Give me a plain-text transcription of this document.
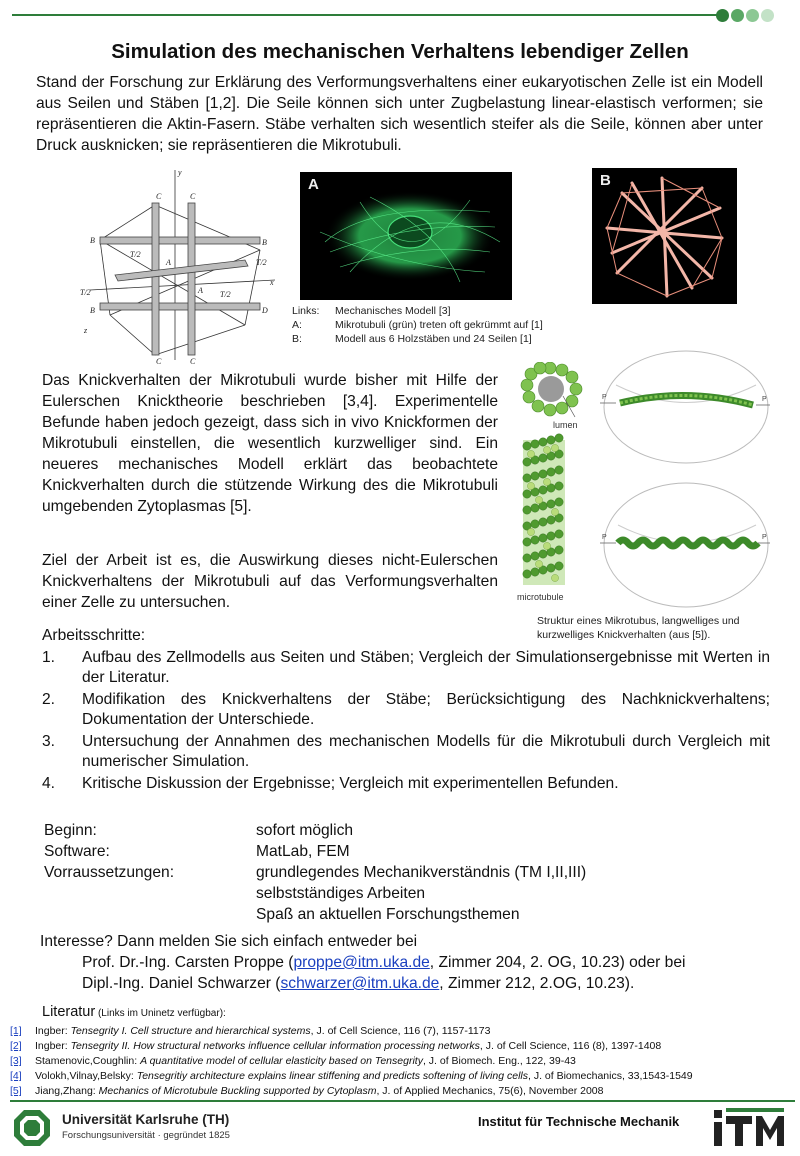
Simulation des mechanischen Verhaltens lebendiger Zellen

Stand der Forschung zur Erklärung des Verformungsverhaltens einer eukaryotischen Zelle ist ein Modell aus Seilen und Stäben [1,2]. Die Seile können sich unter Zugbelastung linear-elastisch verformen; sie repräsentieren die Aktin-Fasern. Stäbe verhalten sich wesentlich steifer als die Seile, können aber unter Druck ausknicken; sie repräsentieren die Mikrotubuli.

B	B
B	D
C	C
C	C
A
A
T/2
T/2
T/2	T/2
y
x
z
A	B
Links:	Mechanisches Modell [3]
A:	Mikrotubuli (grün) treten oft gekrümmt auf [1]
B:	Modell aus 6 Holzstäben und 24 Seilen [1]

Das Knickverhalten der Mikrotubuli wurde bisher mit Hilfe der Eulerschen Knicktheorie beschrieben [3,4]. Experimentelle Befunde haben jedoch gezeigt, dass sich in vivo Knickformen der Mikrotubuli einstellen, die wesentlich kurzwelliger sind. Ein neueres mechanisches Modell erklärt das beobachtete Knickverhalten durch die stützende Wirkung des die Mikrotubuli umgebenden Zytoplasmas [5].

Ziel der Arbeit ist es, die Auswirkung dieses nicht-Eulerschen Knickverhaltens der Mikrotubuli auf das Verformungsverhalten einer Zelle zu untersuchen.

lumen
microtubule
P	P
P	P

Struktur eines Mikrotubus, langwelliges und kurzwelliges Knickverhalten (aus [5]).

Arbeitsschritte:
1.	Aufbau des Zellmodells aus Seiten und Stäben; Vergleich der Simulationsergebnisse mit Werten in der Literatur.
2.	Modifikation des Knickverhaltens der Stäbe; Berücksichtigung des Nachknickverhaltens; Dokumentation der Unterschiede.
3.	Untersuchung der Annahmen des mechanischen Modells für die Mikrotubuli durch Vergleich mit numerischer Simulation.
4.	Kritische Diskussion der Ergebnisse; Vergleich mit experimentellen Befunden.
Beginn:	sofort möglich
Software:	MatLab, FEM
Vorraussetzungen:	grundlegendes Mechanikverständnis (TM I,II,III)
selbstständiges Arbeiten
Spaß an aktuellen Forschungsthemen
Interesse? Dann melden Sie sich einfach entweder bei
Prof. Dr.-Ing. Carsten Proppe (proppe@itm.uka.de, Zimmer 204, 2. OG, 10.23) oder bei
Dipl.-Ing. Daniel Schwarzer (schwarzer@itm.uka.de, Zimmer 212, 2.OG, 10.23).
Literatur (Links im Uninetz verfügbar):
[1]	Ingber: Tensegrity I. Cell structure and hierarchical systems, J. of Cell Science, 116 (7), 1157-1173
[2]	Ingber: Tensegrity II. How structural networks influence cellular information processing networks, J. of Cell Science, 116 (8), 1397-1408
[3]	Stamenovic,Coughlin: A quantitative model of cellular elasticity based on Tensegrity, J. of Biomech. Eng., 122, 39-43
[4]	Volokh,Vilnay,Belsky: Tensegritiy architecture explains linear stiffening and predicts softening of living cells, J. of Biomechanics, 33,1543-1549
[5]	Jiang,Zhang: Mechanics of Microtubule Buckling supported by Cytoplasm, J. of Applied Mechanics, 75(6), November 2008
Universität Karlsruhe (TH)
Forschungsuniversität · gegründet 1825
Institut für Technische Mechanik
